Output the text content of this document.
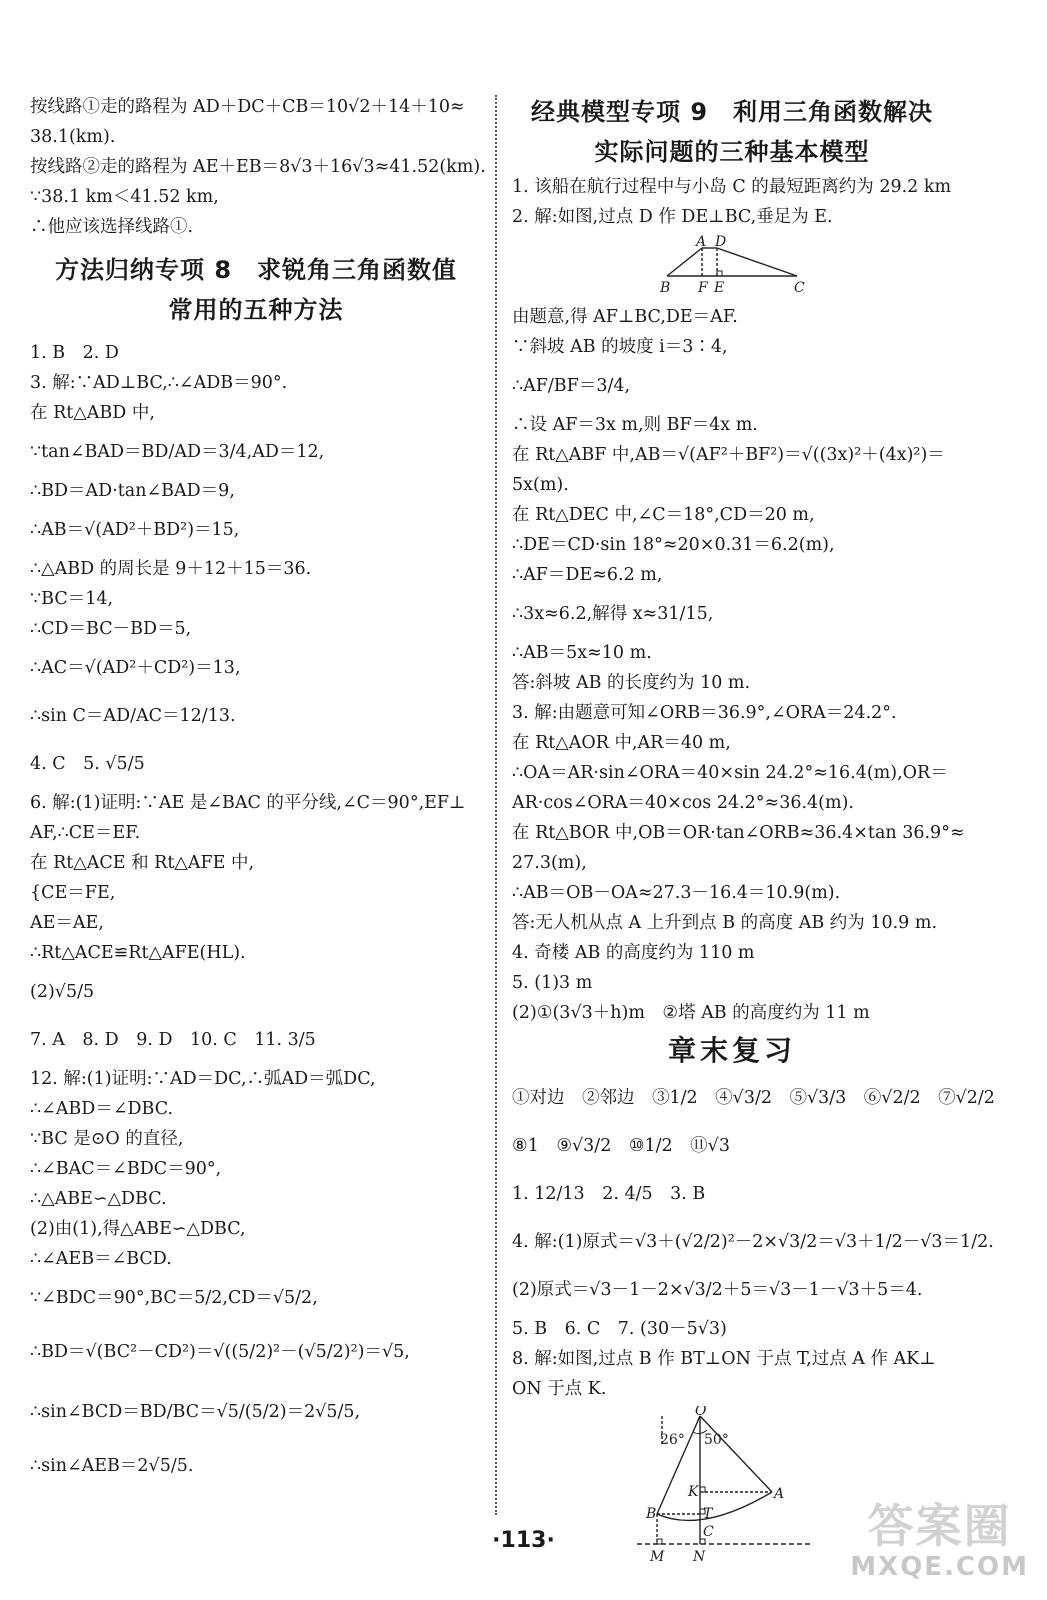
按线路①走的路程为 AD＋DC＋CB＝10√2＋14＋10≈
38.1(km).
按线路②走的路程为 AE＋EB＝8√3＋16√3≈41.52(km).
∵38.1 km＜41.52 km,
∴他应该选择线路①.
方法归纳专项 8　求锐角三角函数值
常用的五种方法
1. B　2. D
3. 解:∵AD⊥BC,∴∠ADB＝90°.
在 Rt△ABD 中,
∵tan∠BAD＝BD/AD＝3/4,AD＝12,
∴BD＝AD·tan∠BAD＝9,
∴AB＝√(AD²＋BD²)＝15,
∴△ABD 的周长是 9＋12＋15＝36.
∵BC＝14,
∴CD＝BC－BD＝5,
∴AC＝√(AD²＋CD²)＝13,
∴sin C＝AD/AC＝12/13.
4. C　5. √5/5
6. 解:(1)证明:∵AE 是∠BAC 的平分线,∠C＝90°,EF⊥
AF,∴CE＝EF.
在 Rt△ACE 和 Rt△AFE 中,
{CE＝FE,
AE＝AE,
∴Rt△ACE≌Rt△AFE(HL).
(2)√5/5
7. A　8. D　9. D　10. C　11. 3/5
12. 解:(1)证明:∵AD＝DC,∴弧AD＝弧DC,
∴∠ABD＝∠DBC.
∵BC 是⊙O 的直径,
∴∠BAC＝∠BDC＝90°,
∴△ABE∽△DBC.
(2)由(1),得△ABE∽△DBC,
∴∠AEB＝∠BCD.
∵∠BDC＝90°,BC＝5/2,CD＝√5/2,
∴BD＝√(BC²－CD²)＝√((5/2)²－(√5/2)²)＝√5,
∴sin∠BCD＝BD/BC＝√5/(5/2)＝2√5/5,
∴sin∠AEB＝2√5/5.
经典模型专项 9　利用三角函数解决
实际问题的三种基本模型
1. 该船在航行过程中与小岛 C 的最短距离约为 29.2 km
2. 解:如图,过点 D 作 DE⊥BC,垂足为 E.
A D
B F E	C
由题意,得 AF⊥BC,DE＝AF.
∵斜坡 AB 的坡度 i＝3∶4,
∴AF/BF＝3/4,
∴设 AF＝3x m,则 BF＝4x m.
在 Rt△ABF 中,AB＝√(AF²＋BF²)＝√((3x)²＋(4x)²)＝
5x(m).
在 Rt△DEC 中,∠C＝18°,CD＝20 m,
∴DE＝CD·sin 18°≈20×0.31＝6.2(m),
∴AF＝DE≈6.2 m,
∴3x≈6.2,解得 x≈31/15,
∴AB＝5x≈10 m.
答:斜坡 AB 的长度约为 10 m.
3. 解:由题意可知∠ORB＝36.9°,∠ORA＝24.2°.
在 Rt△AOR 中,AR＝40 m,
∴OA＝AR·sin∠ORA＝40×sin 24.2°≈16.4(m),OR＝
AR·cos∠ORA＝40×cos 24.2°≈36.4(m).
在 Rt△BOR 中,OB＝OR·tan∠ORB≈36.4×tan 36.9°≈
27.3(m),
∴AB＝OB－OA≈27.3－16.4＝10.9(m).
答:无人机从点 A 上升到点 B 的高度 AB 约为 10.9 m.
4. 奇楼 AB 的高度约为 110 m
5. (1)3 m
(2)①(3√3＋h)m　②塔 AB 的高度约为 11 m
章末复习
①对边　②邻边　③1/2　④√3/2　⑤√3/3　⑥√2/2　⑦√2/2
⑧1　⑨√3/2　⑩1/2　⑪√3
1. 12/13　2. 4/5　3. B
4. 解:(1)原式＝√3＋(√2/2)²－2×√3/2＝√3＋1/2－√3＝1/2.
(2)原式＝√3－1－2×√3/2＋5＝√3－1－√3＋5＝4.
5. B　6. C　7. (30－5√3)
8. 解:如图,过点 B 作 BT⊥ON 于点 T,过点 A 作 AK⊥
ON 于点 K.
O
26° 50°
K	A
B	T
C
M N
·113·	答案圈
MXQE.COM
